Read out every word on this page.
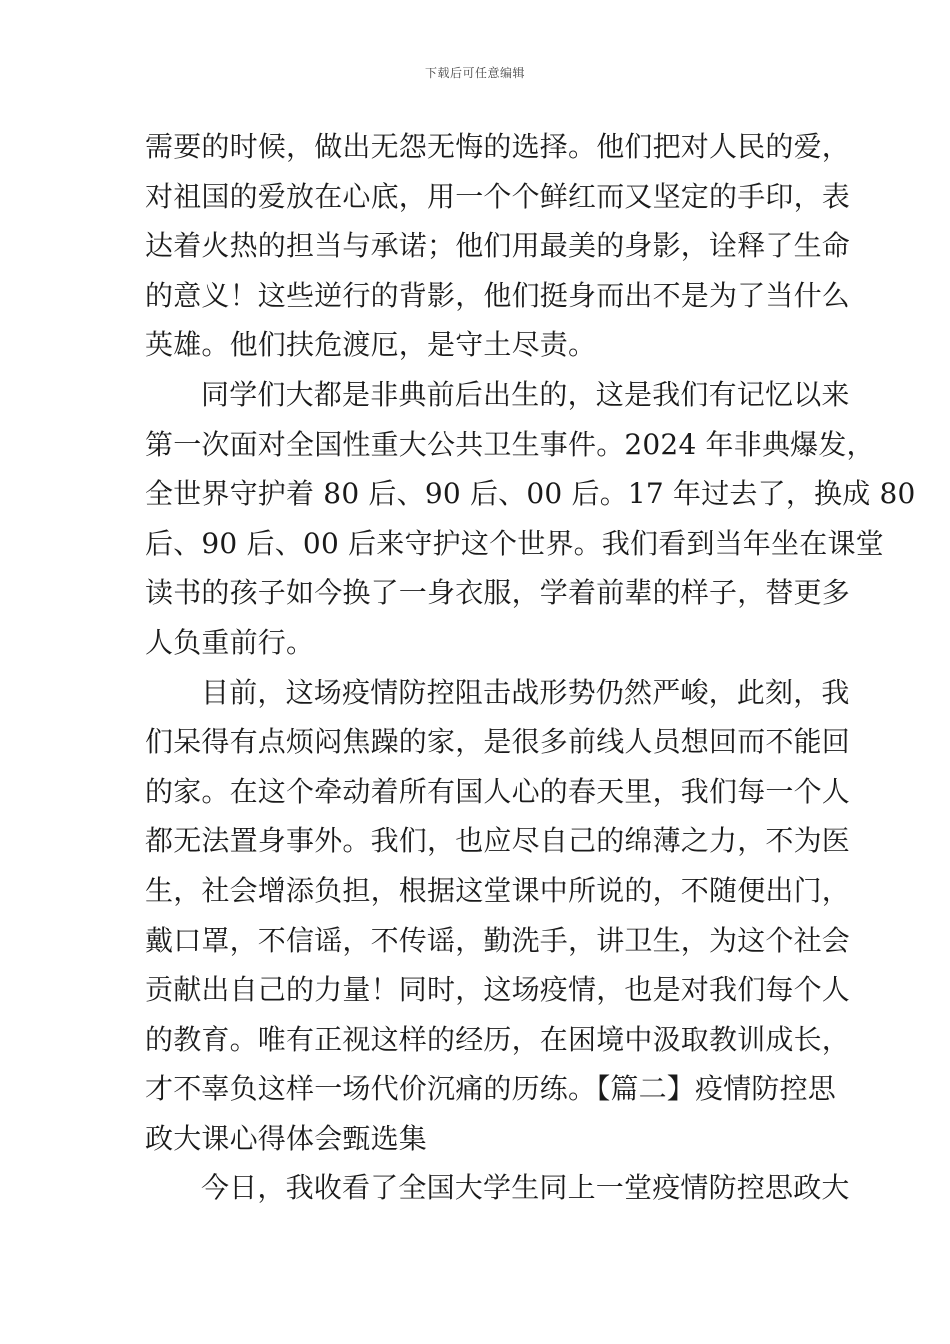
下载后可任意编辑
需要的时候，做出无怨无悔的选择。他们把对人民的爱，
对祖国的爱放在心底，用一个个鲜红而又坚定的手印，表
达着火热的担当与承诺；他们用最美的身影，诠释了生命
的意义！这些逆行的背影，他们挺身而出不是为了当什么
英雄。他们扶危渡厄，是守土尽责。
同学们大都是非典前后出生的，这是我们有记忆以来
第一次面对全国性重大公共卫生事件。2024 年非典爆发，
全世界守护着 80 后、90 后、00 后。17 年过去了，换成 80
后、90 后、00 后来守护这个世界。我们看到当年坐在课堂
读书的孩子如今换了一身衣服，学着前辈的样子，替更多
人负重前行。
目前，这场疫情防控阻击战形势仍然严峻，此刻，我
们呆得有点烦闷焦躁的家，是很多前线人员想回而不能回
的家。在这个牵动着所有国人心的春天里，我们每一个人
都无法置身事外。我们，也应尽自己的绵薄之力，不为医
生，社会增添负担，根据这堂课中所说的，不随便出门，
戴口罩，不信谣，不传谣，勤洗手，讲卫生，为这个社会
贡献出自己的力量！同时，这场疫情，也是对我们每个人
的教育。唯有正视这样的经历，在困境中汲取教训成长，
才不辜负这样一场代价沉痛的历练。【篇二】疫情防控思
政大课心得体会甄选集
今日，我收看了全国大学生同上一堂疫情防控思政大
